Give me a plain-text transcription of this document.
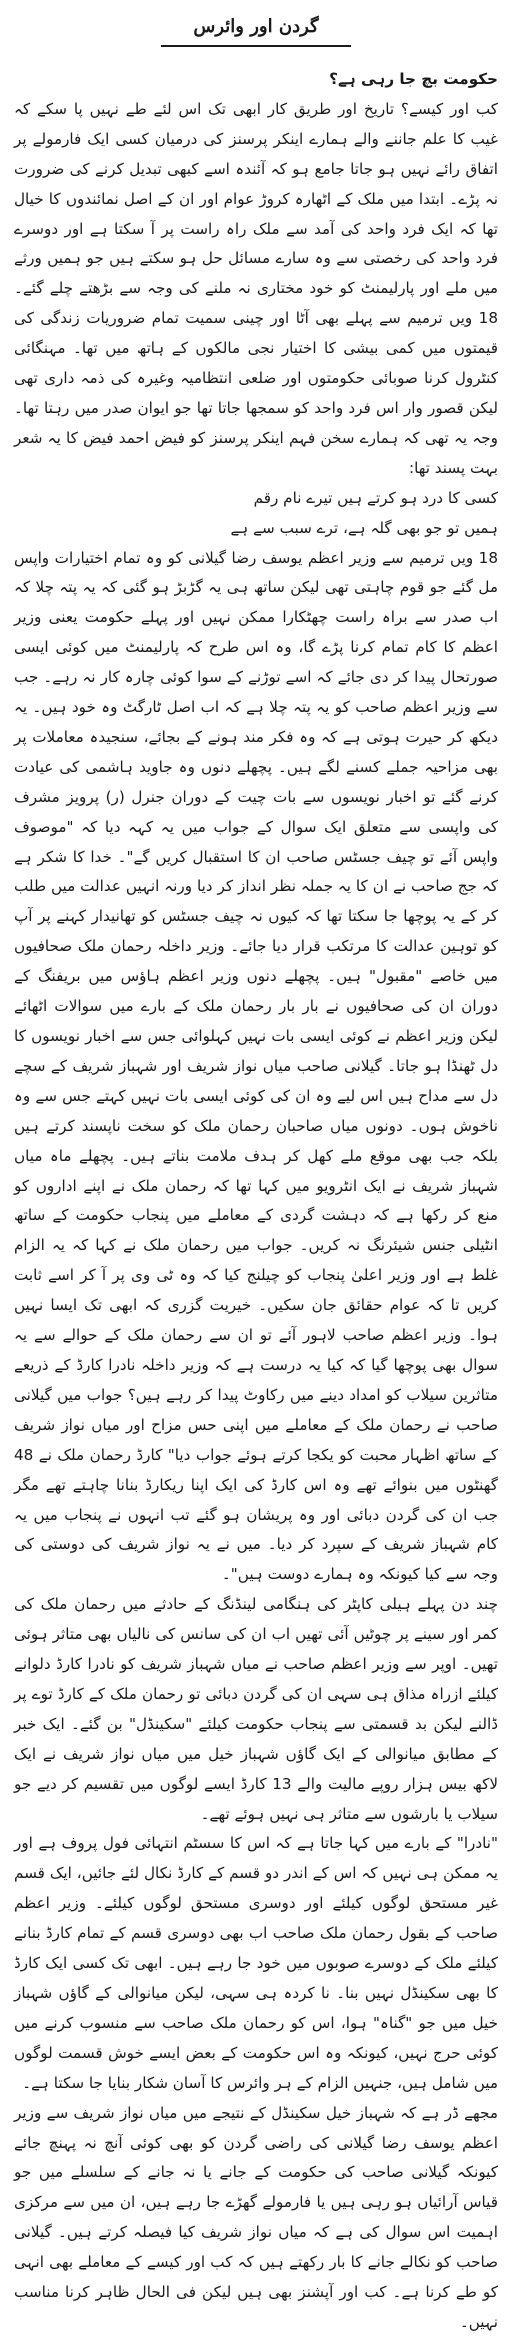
گردن اور وائرس

حکومت بچ جا رہی ہے؟

کب اور کیسے؟ تاریخ اور طریق کار ابھی تک اس لئے طے نہیں پا سکے کہ غیب کا علم جاننے والے ہمارے اینکر پرسنز کی درمیان کسی ایک فارمولے پر اتفاق رائے نہیں ہو جاتا جامع ہو کہ آئندہ اسے کبھی تبدیل کرنے کی ضرورت نہ پڑے۔ ابتدا میں ملک کے اٹھارہ کروڑ عوام اور ان کے اصل نمائندوں کا خیال تھا کہ ایک فرد واحد کی آمد سے ملک راہ راست پر آ سکتا ہے اور دوسرے فرد واحد کی رخصتی سے وہ سارے مسائل حل ہو سکتے ہیں جو ہمیں ورثے میں ملے اور پارلیمنٹ کو خود مختاری نہ ملنے کی وجہ سے بڑھتے چلے گئے۔ 18 ویں ترمیم سے پہلے بھی آٹا اور چینی سمیت تمام ضروریات زندگی کی قیمتوں میں کمی بیشی کا اختیار نجی مالکوں کے ہاتھ میں تھا۔ مہنگائی کنٹرول کرنا صوبائی حکومتوں اور ضلعی انتظامیہ وغیرہ کی ذمہ داری تھی لیکن قصور وار اس فرد واحد کو سمجھا جاتا تھا جو ایوان صدر میں رہتا تھا۔ وجہ یہ تھی کہ ہمارے سخن فہم اینکر پرسنز کو فیض احمد فیض کا یہ شعر بہت پسند تھا:

کسی کا درد ہو کرتے ہیں تیرے نام رقم

ہمیں تو جو بھی گلہ ہے، ترے سبب سے ہے

18 ویں ترمیم سے وزیر اعظم یوسف رضا گیلانی کو وہ تمام اختیارات واپس مل گئے جو قوم چاہتی تھی لیکن ساتھ ہی یہ گڑبڑ ہو گئی کہ یہ پتہ چلا کہ اب صدر سے براہ راست چھٹکارا ممکن نہیں اور پہلے حکومت یعنی وزیر اعظم کا کام تمام کرنا پڑے گا، وہ اس طرح کہ پارلیمنٹ میں کوئی ایسی صورتحال پیدا کر دی جائے کہ اسے توڑنے کے سوا کوئی چارہ کار نہ رہے۔ جب سے وزیر اعظم صاحب کو یہ پتہ چلا ہے کہ اب اصل ٹارگٹ وہ خود ہیں۔ یہ دیکھ کر حیرت ہوتی ہے کہ وہ فکر مند ہونے کے بجائے، سنجیدہ معاملات پر بھی مزاحیہ جملے کسنے لگے ہیں۔ پچھلے دنوں وہ جاوید ہاشمی کی عیادت کرنے گئے تو اخبار نویسوں سے بات چیت کے دوران جنرل (ر) پرویز مشرف کی واپسی سے متعلق ایک سوال کے جواب میں یہ کہہ دیا کہ "موصوف واپس آئے تو چیف جسٹس صاحب ان کا استقبال کریں گے"۔ خدا کا شکر ہے کہ جج صاحب نے ان کا یہ جملہ نظر انداز کر دیا ورنہ انہیں عدالت میں طلب کر کے یہ پوچھا جا سکتا تھا کہ کیوں نہ چیف جسٹس کو تھانیدار کہنے پر آپ کو توہین عدالت کا مرتکب قرار دیا جائے۔ وزیر داخلہ رحمان ملک صحافیوں میں خاصے "مقبول" ہیں۔ پچھلے دنوں وزیر اعظم ہاؤس میں بریفنگ کے دوران ان کی صحافیوں نے بار بار رحمان ملک کے بارے میں سوالات اٹھائے لیکن وزیر اعظم نے کوئی ایسی بات نہیں کہلوائی جس سے اخبار نویسوں کا دل ٹھنڈا ہو جاتا۔ گیلانی صاحب میاں نواز شریف اور شہباز شریف کے سچے دل سے مداح ہیں اس لیے وہ ان کی کوئی ایسی بات نہیں کہتے جس سے وہ ناخوش ہوں۔ دونوں میاں صاحبان رحمان ملک کو سخت ناپسند کرتے ہیں بلکہ جب بھی موقع ملے کھل کر ہدف ملامت بناتے ہیں۔ پچھلے ماہ میاں شہباز شریف نے ایک انٹرویو میں کہا تھا کہ رحمان ملک نے اپنے اداروں کو منع کر رکھا ہے کہ دہشت گردی کے معاملے میں پنجاب حکومت کے ساتھ انٹیلی جنس شیئرنگ نہ کریں۔ جواب میں رحمان ملک نے کہا کہ یہ الزام غلط ہے اور وزیر اعلیٰ پنجاب کو چیلنج کیا کہ وہ ٹی وی پر آ کر اسے ثابت کریں تا کہ عوام حقائق جان سکیں۔ خیریت گزری کہ ابھی تک ایسا نہیں ہوا۔ وزیر اعظم صاحب لاہور آئے تو ان سے رحمان ملک کے حوالے سے یہ سوال بھی پوچھا گیا کہ کیا یہ درست ہے کہ وزیر داخلہ نادرا کارڈ کے ذریعے متاثرین سیلاب کو امداد دینے میں رکاوٹ پیدا کر رہے ہیں؟ جواب میں گیلانی صاحب نے رحمان ملک کے معاملے میں اپنی حس مزاح اور میاں نواز شریف کے ساتھ اظہار محبت کو یکجا کرتے ہوئے جواب دیا" کارڈ رحمان ملک نے 48 گھنٹوں میں بنوائے تھے وہ اس کارڈ کی ایک اپنا ریکارڈ بنانا چاہتے تھے مگر جب ان کی گردن دبائی اور وہ پریشان ہو گئے تب انہوں نے پنجاب میں یہ کام شہباز شریف کے سپرد کر دیا۔ میں نے یہ نواز شریف کی دوستی کی وجہ سے کیا کیونکہ وہ ہمارے دوست ہیں"۔

چند دن پہلے ہیلی کاپٹر کی ہنگامی لینڈنگ کے حادثے میں رحمان ملک کی کمر اور سینے پر چوٹیں آئی تھیں اب ان کی سانس کی نالیاں بھی متاثر ہوئی تھیں۔ اوپر سے وزیر اعظم صاحب نے میاں شہباز شریف کو نادرا کارڈ دلوانے کیلئے ازراہ مذاق ہی سہی ان کی گردن دبائی تو رحمان ملک کے کارڈ توے پر ڈالنے لیکن بد قسمتی سے پنجاب حکومت کیلئے "سکینڈل" بن گئے۔ ایک خبر کے مطابق میانوالی کے ایک گاؤں شہباز خیل میں میاں نواز شریف نے ایک لاکھ بیس ہزار روپے مالیت والے 13 کارڈ ایسے لوگوں میں تقسیم کر دیے جو سیلاب یا بارشوں سے متاثر ہی نہیں ہوئے تھے۔

"نادرا" کے بارے میں کہا جاتا ہے کہ اس کا سسٹم انتہائی فول پروف ہے اور یہ ممکن ہی نہیں کہ اس کے اندر دو قسم کے کارڈ نکال لئے جائیں، ایک قسم غیر مستحق لوگوں کیلئے اور دوسری مستحق لوگوں کیلئے۔ وزیر اعظم صاحب کے بقول رحمان ملک صاحب اب بھی دوسری قسم کے تمام کارڈ بنانے کیلئے ملک کے دوسرے صوبوں میں خود جا رہے ہیں۔ ابھی تک کسی ایک کارڈ کا بھی سکینڈل نہیں بنا۔ نا کردہ ہی سہی، لیکن میانوالی کے گاؤں شہباز خیل میں جو "گناہ" ہوا، اس کو رحمان ملک صاحب سے منسوب کرنے میں کوئی حرج نہیں، کیونکہ وہ اس حکومت کے بعض ایسے خوش قسمت لوگوں میں شامل ہیں، جنہیں الزام کے ہر وائرس کا آسان شکار بنایا جا سکتا ہے۔

مجھے ڈر ہے کہ شہباز خیل سکینڈل کے نتیجے میں میاں نواز شریف سے وزیر اعظم یوسف رضا گیلانی کی راضی گردن کو بھی کوئی آنچ نہ پہنچ جائے کیونکہ گیلانی صاحب کی حکومت کے جانے یا نہ جانے کے سلسلے میں جو قیاس آرائیاں ہو رہی ہیں یا فارمولے گھڑے جا رہے ہیں، ان میں سے مرکزی اہمیت اس سوال کی ہے کہ میاں نواز شریف کیا فیصلہ کرتے ہیں۔ گیلانی صاحب کو نکالے جانے کا بار رکھتے ہیں کہ کب اور کیسے کے معاملے بھی انہی کو طے کرنا ہے۔ کب اور آپشنز بھی ہیں لیکن فی الحال ظاہر کرنا مناسب نہیں۔
